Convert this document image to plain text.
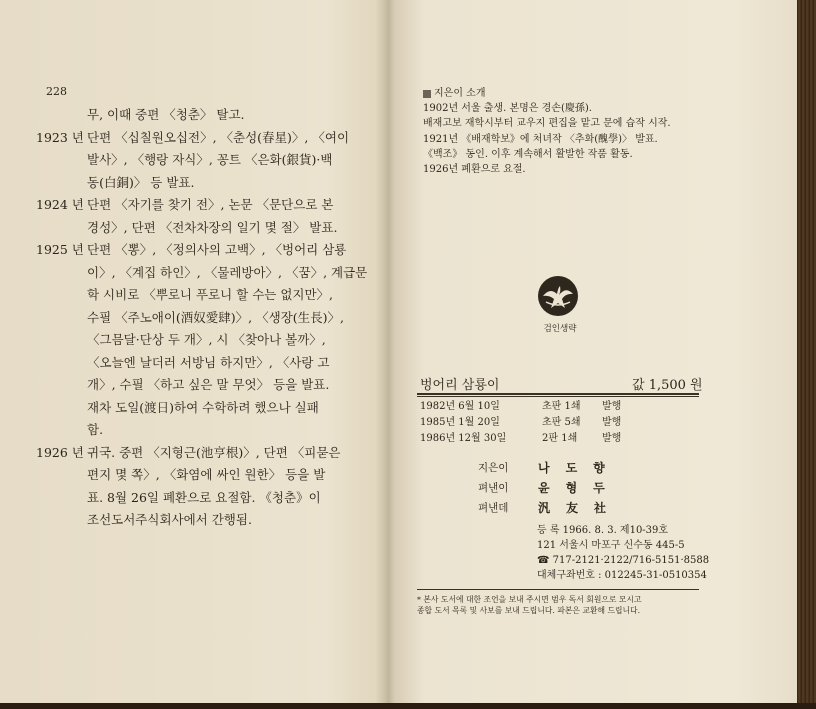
228
무, 이때 중편 〈청춘〉 탈고.
1923 년 단편 〈십칠원오십전〉, 〈춘성(春星)〉, 〈여이
발사〉, 〈행랑 자식〉, 꽁트 〈은화(銀貨)·백
동(白銅)〉 등 발표.
1924 년 단편 〈자기를 찾기 전〉, 논문 〈문단으로 본
경성〉, 단편 〈전차차장의 일기 몇 절〉 발표.
1925 년 단편 〈뽕〉, 〈정의사의 고백〉, 〈벙어리 삼룡
이〉, 〈계집 하인〉, 〈물레방아〉, 〈꿈〉, 계급문
학 시비로 〈뿌로니 푸로니 할 수는 없지만〉,
수필 〈주노애이(酒奴愛肆)〉, 〈생장(生長)〉,
〈그믐달·단상 두 개〉, 시 〈찾아나 볼까〉,
〈오늘엔 날더러 서방님 하지만〉, 〈사랑 고
개〉, 수필 〈하고 싶은 말 무엇〉 등을 발표.
재차 도일(渡日)하여 수학하려 했으나 실패
함.
1926 년 귀국. 중편 〈지형근(池亨根)〉, 단편 〈피묻은
편지 몇 쪽〉, 〈화염에 싸인 원한〉 등을 발
표. 8월 26일 폐환으로 요절함. 《청춘》이
조선도서주식회사에서 간행됨.
지은이 소개
1902년 서울 출생. 본명은 경손(慶孫).
배재고보 재학시부터 교우지 편집을 맡고 문에 습작 시작.
1921년 《배재학보》에 처녀작 〈추화(醜學)〉 발표.
《백조》 동인. 이후 계속해서 활발한 작품 활동.
1926년 폐환으로 요절.
검인생략
벙어리 삼룡이	값 1,500 원
1982년 6월 10일	초판 1쇄	발행
1985년 1월 20일	초판 5쇄	발행
1986년 12월 30일	2판 1쇄	발행
지은이	나도향
펴낸이	윤형두
펴낸데	汎友社
등 록 1966. 8. 3. 제10-39호
121 서울시 마포구 신수동 445-5
☎ 717-2121·2122/716-5151·8588
대체구좌번호 : 012245-31-0510354
* 본사 도서에 대한 조언을 보내 주시면 범우 독서 회원으로 모시고
종합 도서 목록 및 사보를 보내 드립니다. 파본은 교환해 드립니다.
